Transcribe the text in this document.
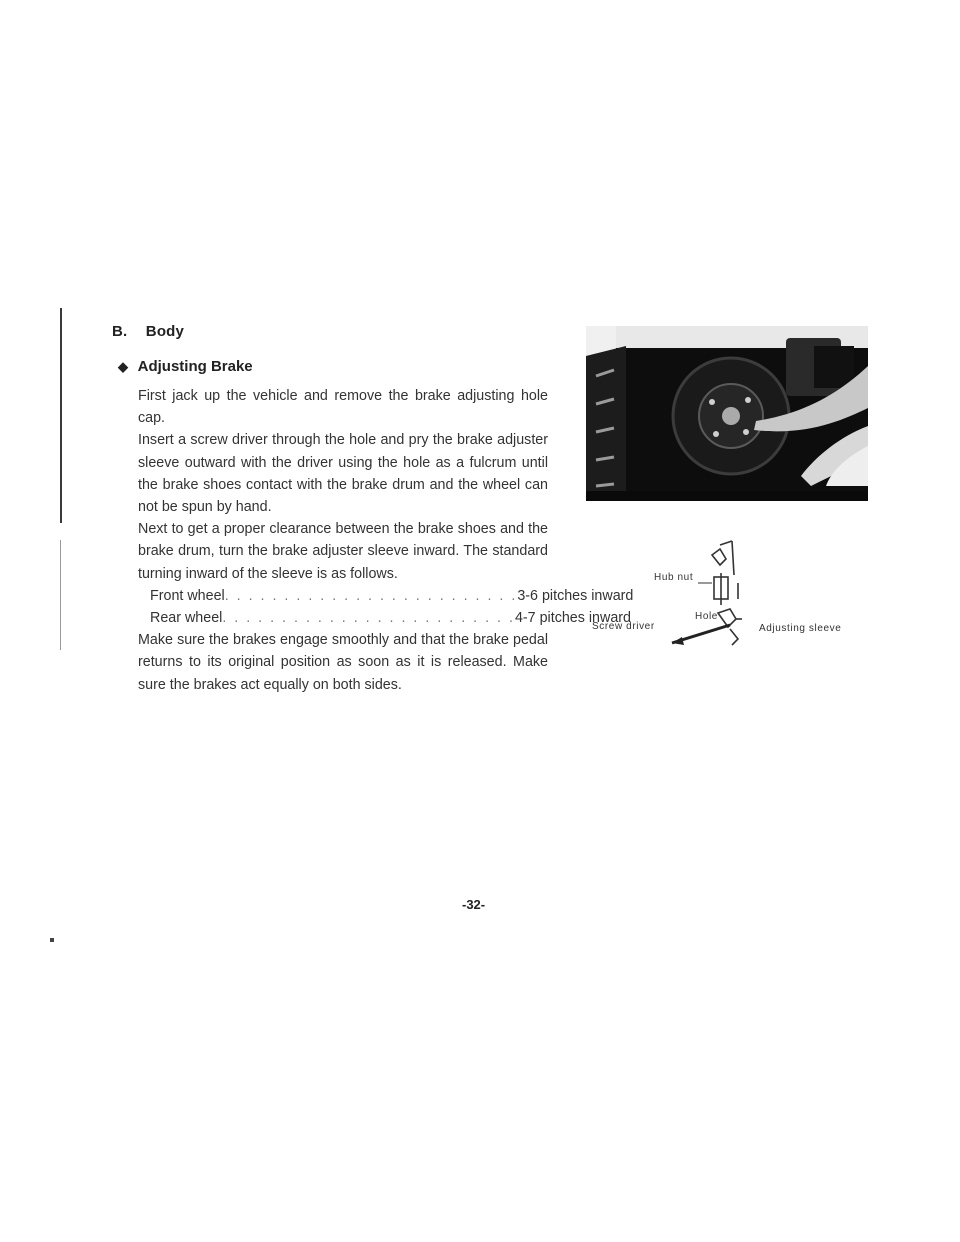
B. Body
◆ Adjusting Brake

First jack up the vehicle and remove the brake adjusting hole cap.

Insert a screw driver through the hole and pry the brake adjuster sleeve outward with the driver using the hole as a fulcrum until the brake shoes contact with the brake drum and the wheel can not be spun by hand.

Next to get a proper clearance between the brake shoes and the brake drum, turn the brake adjuster sleeve inward. The standard turning inward of the sleeve is as follows.

Front wheel . . . . . . . . . . . . . . . . . . . . . . . . . 3-6 pitches inward
Rear wheel . . . . . . . . . . . . . . . . . . . . . . . . . 4-7 pitches inward

Make sure the brakes engage smoothly and that the brake pedal returns to its original position as soon as it is released. Make sure the brakes act equally on both sides.

Hub nut
Screw driver
Hole
Adjusting sleeve
-32-
